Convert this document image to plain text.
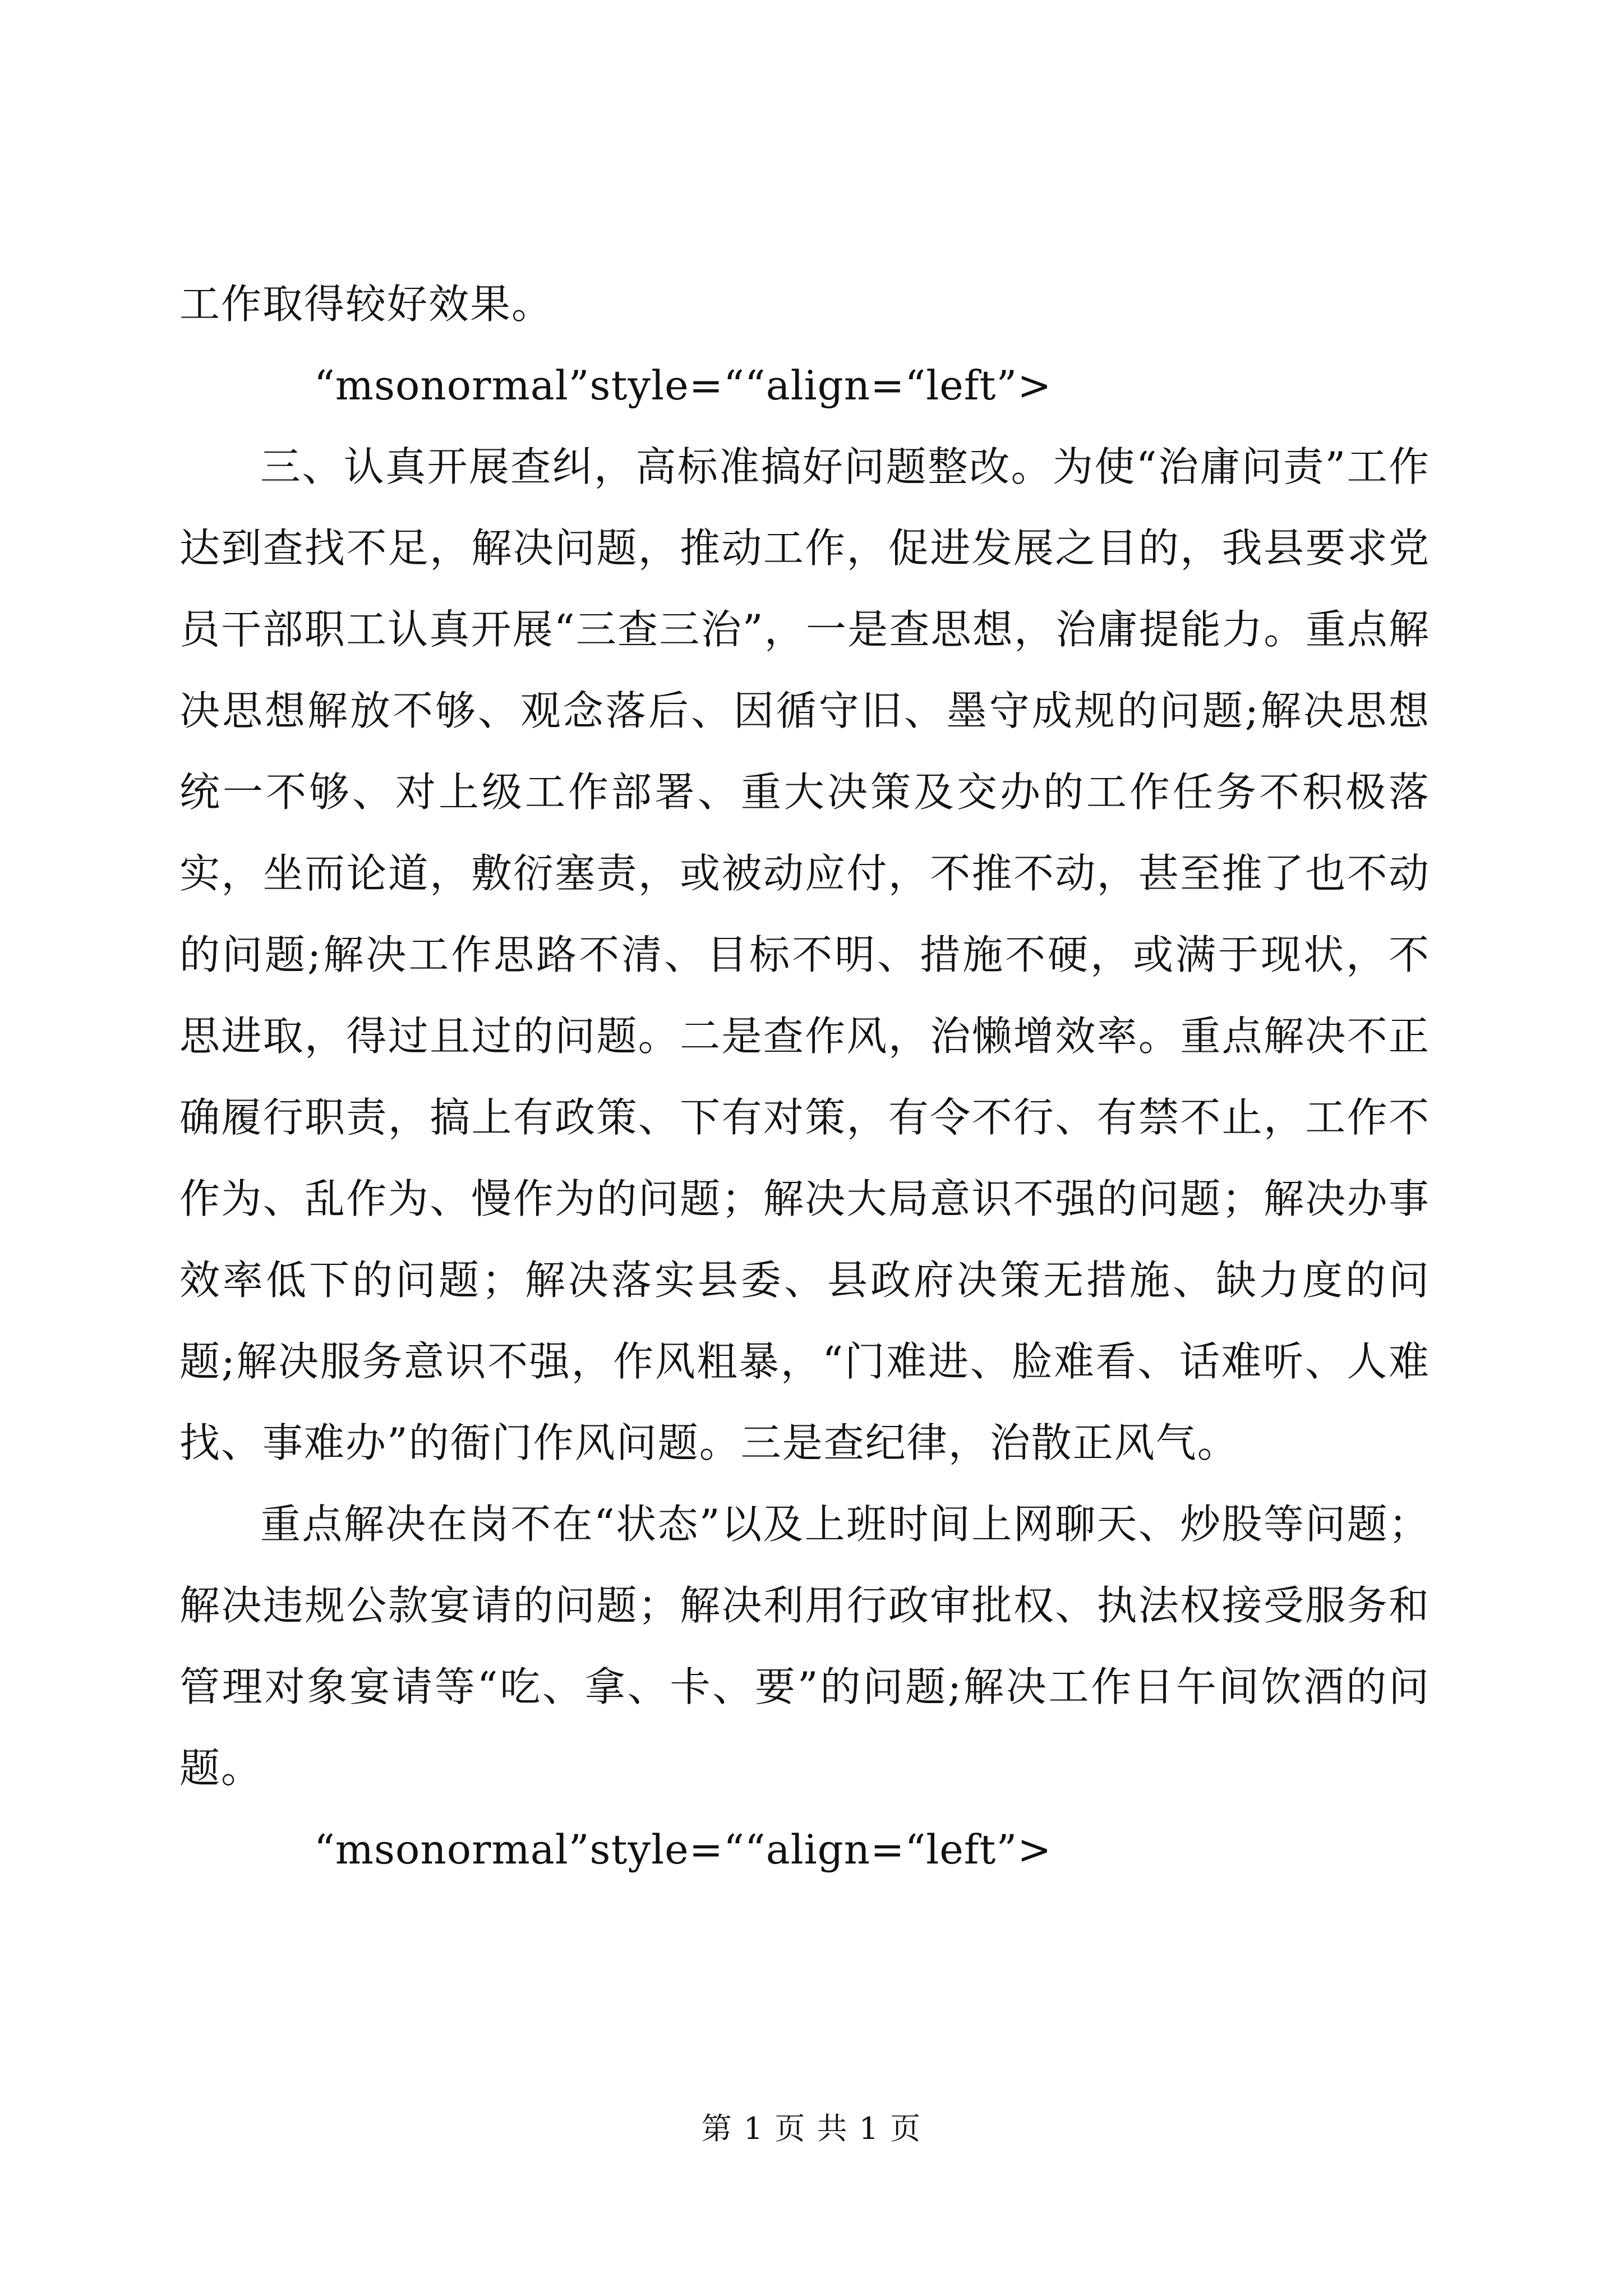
工作取得较好效果。

“msonormal”style=““align=“left”>

三、认真开展查纠，高标准搞好问题整改。为使“治庸问责”工作达到查找不足，解决问题，推动工作，促进发展之目的，我县要求党员干部职工认真开展“三查三治”，一是查思想，治庸提能力。重点解决思想解放不够、观念落后、因循守旧、墨守成规的问题;解决思想统一不够、对上级工作部署、重大决策及交办的工作任务不积极落实，坐而论道，敷衍塞责，或被动应付，不推不动，甚至推了也不动的问题;解决工作思路不清、目标不明、措施不硬，或满于现状，不思进取，得过且过的问题。二是查作风，治懒增效率。重点解决不正确履行职责，搞上有政策、下有对策，有令不行、有禁不止，工作不作为、乱作为、慢作为的问题；解决大局意识不强的问题；解决办事效率低下的问题；解决落实县委、县政府决策无措施、缺力度的问题;解决服务意识不强，作风粗暴，“门难进、脸难看、话难听、人难找、事难办”的衙门作风问题。三是查纪律，治散正风气。

重点解决在岗不在“状态”以及上班时间上网聊天、炒股等问题；解决违规公款宴请的问题；解决利用行政审批权、执法权接受服务和管理对象宴请等“吃、拿、卡、要”的问题;解决工作日午间饮酒的问题。

“msonormal”style=““align=“left”>

第 1 页 共 1 页
